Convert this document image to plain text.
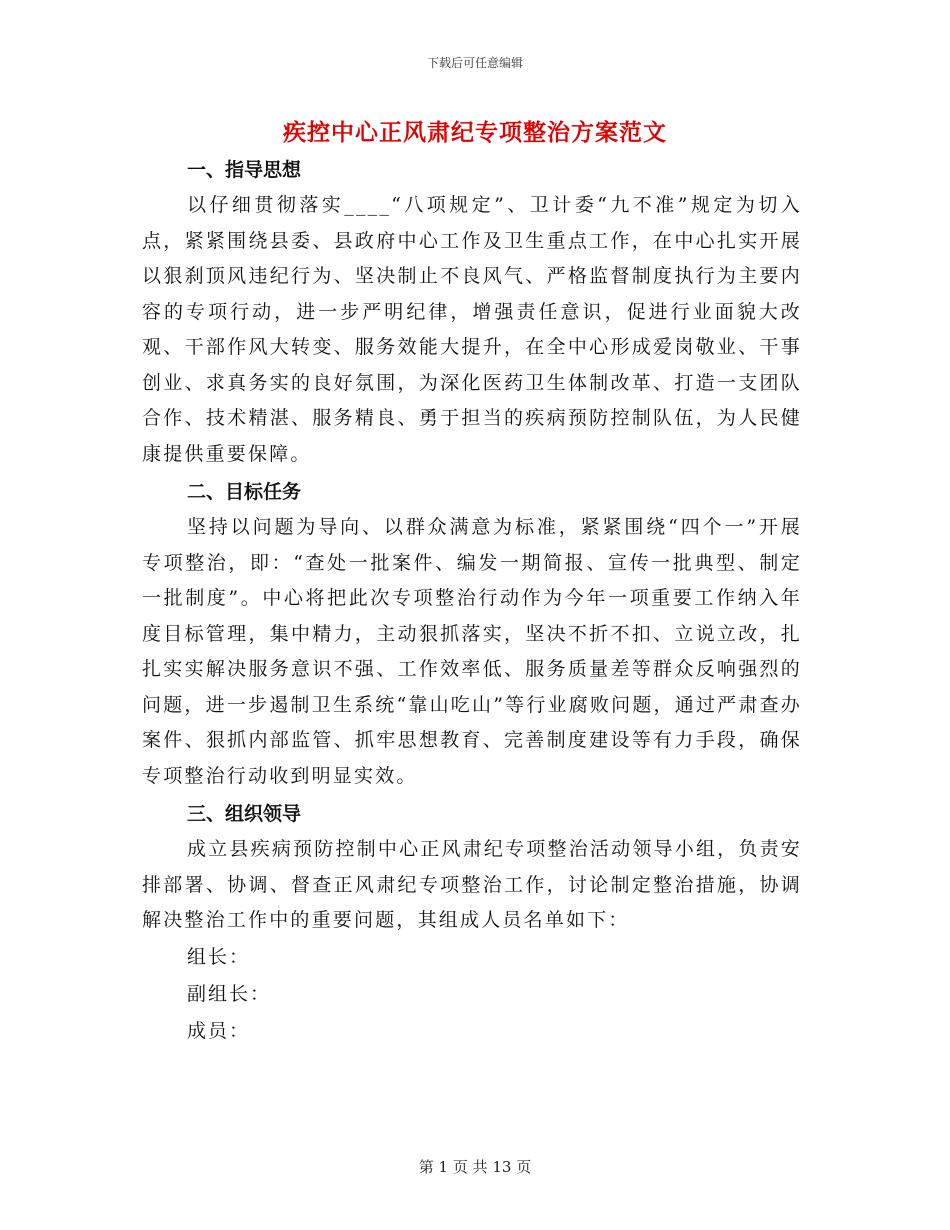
下载后可任意编辑
疾控中心正风肃纪专项整治方案范文
一、指导思想

以仔细贯彻落实____“八项规定”、卫计委“九不准”规定为切入点，紧紧围绕县委、县政府中心工作及卫生重点工作，在中心扎实开展以狠刹顶风违纪行为、坚决制止不良风气、严格监督制度执行为主要内容的专项行动，进一步严明纪律，增强责任意识，促进行业面貌大改观、干部作风大转变、服务效能大提升，在全中心形成爱岗敬业、干事创业、求真务实的良好氛围，为深化医药卫生体制改革、打造一支团队合作、技术精湛、服务精良、勇于担当的疾病预防控制队伍，为人民健康提供重要保障。

二、目标任务

坚持以问题为导向、以群众满意为标准，紧紧围绕“四个一”开展专项整治，即：“查处一批案件、编发一期简报、宣传一批典型、制定一批制度”。中心将把此次专项整治行动作为今年一项重要工作纳入年度目标管理，集中精力，主动狠抓落实，坚决不折不扣、立说立改，扎扎实实解决服务意识不强、工作效率低、服务质量差等群众反响强烈的问题，进一步遏制卫生系统“靠山吃山”等行业腐败问题，通过严肃查办案件、狠抓内部监管、抓牢思想教育、完善制度建设等有力手段，确保专项整治行动收到明显实效。

三、组织领导

成立县疾病预防控制中心正风肃纪专项整治活动领导小组，负责安排部署、协调、督查正风肃纪专项整治工作，讨论制定整治措施，协调解决整治工作中的重要问题，其组成人员名单如下：

组长：
副组长：
成员：
第 1 页 共 13 页
